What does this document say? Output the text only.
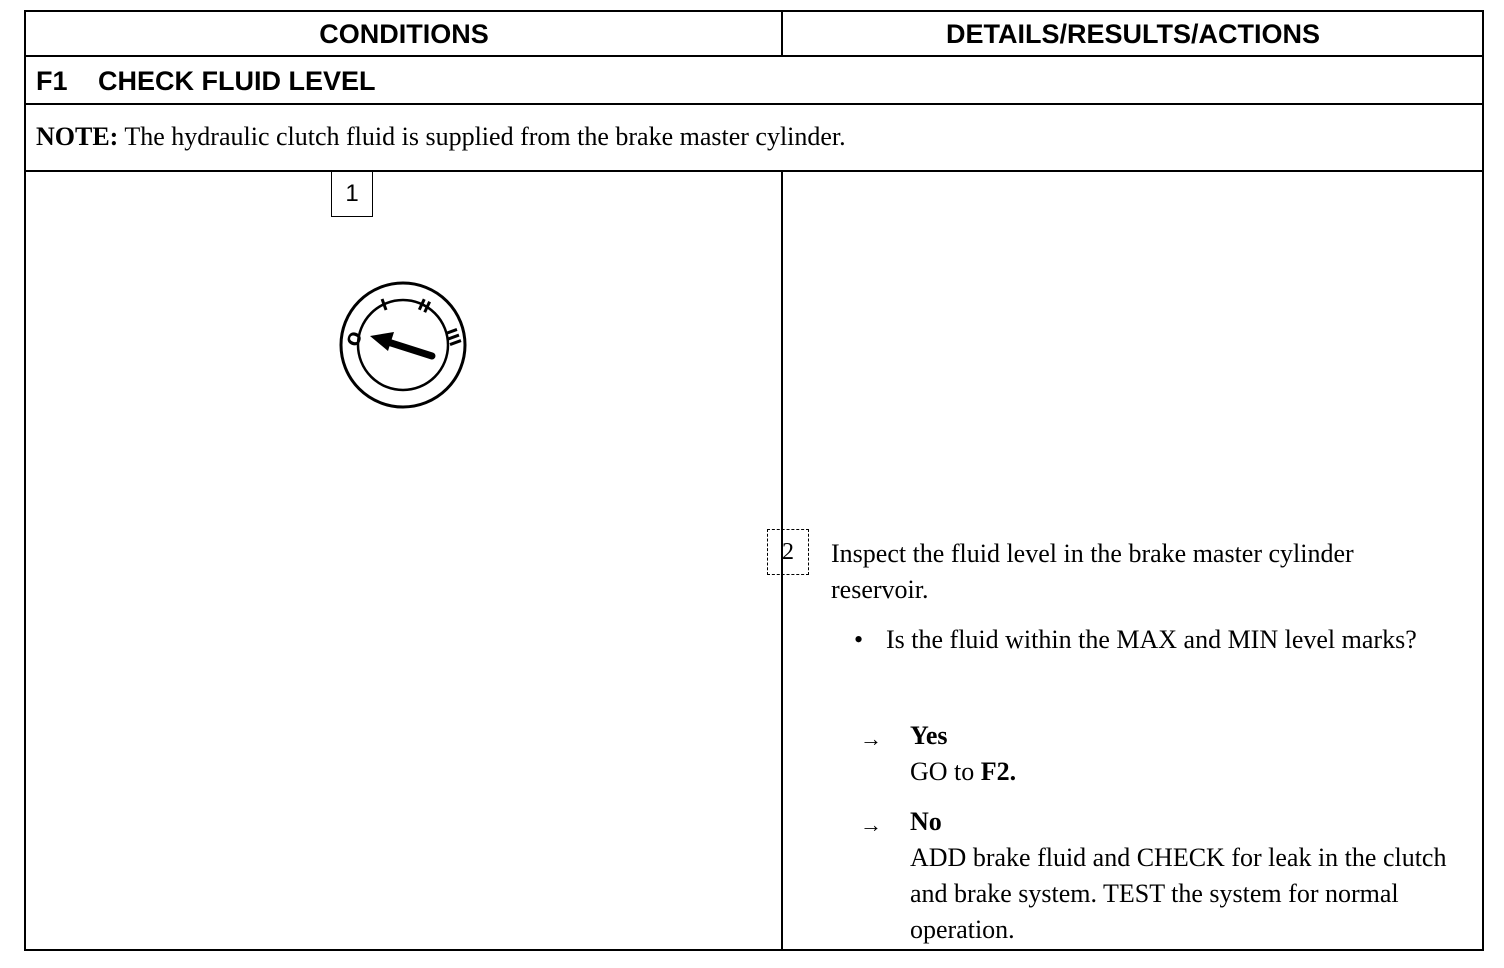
CONDITIONS	DETAILS/RESULTS/ACTIONS
F1 CHECK FLUID LEVEL
NOTE: The hydraulic clutch fluid is supplied from the brake master cylinder.
1
O
I II
III
2	Inspect the fluid level in the brake master cylinder reservoir.
• Is the fluid within the MAX and MIN level marks?
→ Yes
GO to F2.
→ No
ADD brake fluid and CHECK for leak in the clutch and brake system. TEST the system for normal operation.
